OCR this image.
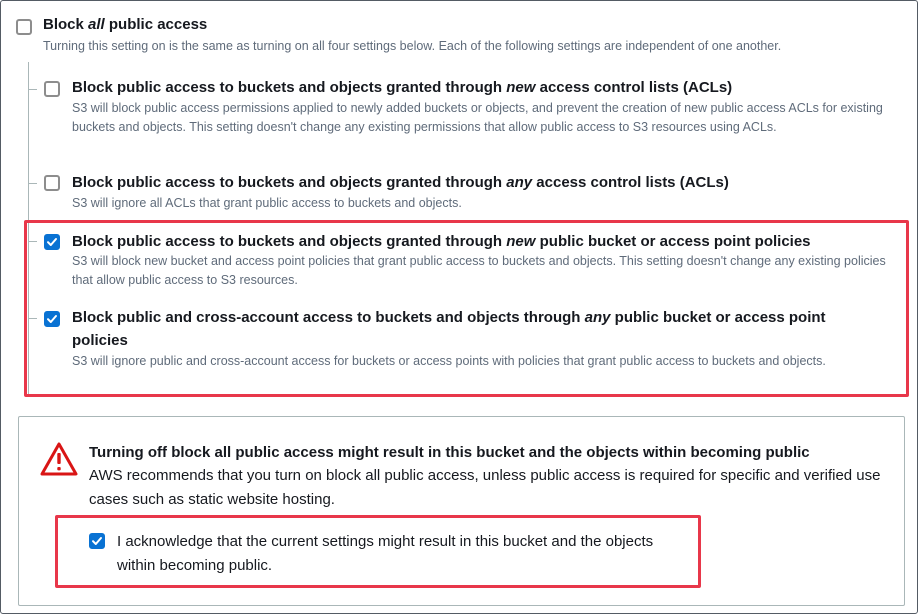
Block all public access
Turning this setting on is the same as turning on all four settings below. Each of the following settings are independent of one another.
Block public access to buckets and objects granted through new access control lists (ACLs)
S3 will block public access permissions applied to newly added buckets or objects, and prevent the creation of new public access ACLs for existing buckets and objects. This setting doesn't change any existing permissions that allow public access to S3 resources using ACLs.
Block public access to buckets and objects granted through any access control lists (ACLs)
S3 will ignore all ACLs that grant public access to buckets and objects.
Block public access to buckets and objects granted through new public bucket or access point policies
S3 will block new bucket and access point policies that grant public access to buckets and objects. This setting doesn't change any existing policies that allow public access to S3 resources.
Block public and cross-account access to buckets and objects through any public bucket or access point
policies
S3 will ignore public and cross-account access for buckets or access points with policies that grant public access to buckets and objects.
Turning off block all public access might result in this bucket and the objects within becoming public
AWS recommends that you turn on block all public access, unless public access is required for specific and verified use cases such as static website hosting.
I acknowledge that the current settings might result in this bucket and the objects within becoming public.
